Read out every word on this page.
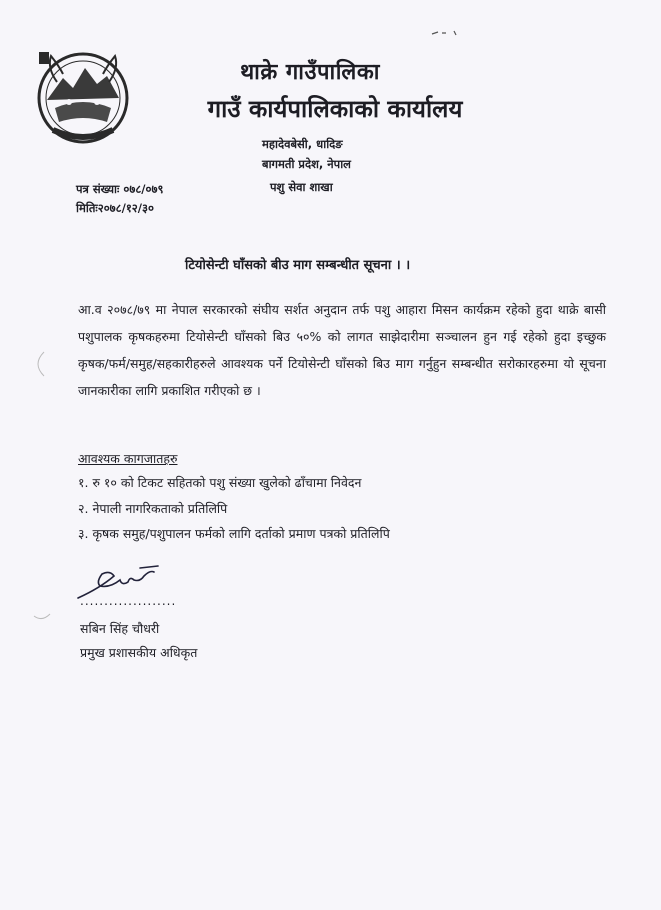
थाक्रे गाउँपालिका
गाउँ कार्यपालिकाको कार्यालय
महादेवबेसी, धादिङ
बागमती प्रदेश, नेपाल
पशु सेवा शाखा
पत्र संख्याः ०७८/०७९
मितिः२०७८/१२/३०
टियोसेन्टी घाँसको बीउ माग सम्बन्धीत सूचना । ।
आ.व २०७८/७९ मा नेपाल सरकारको संघीय सर्शत अनुदान तर्फ पशु आहारा मिसन कार्यक्रम रहेको हुदा थाक्रे बासी पशुपालक कृषकहरुमा टियोसेन्टी घाँसको बिउ ५०% को लागत साझेदारीमा सञ्चालन हुन गई रहेको हुदा इच्छुक कृषक/फर्म/समुह/सहकारीहरुले आवश्यक पर्ने टियोसेन्टी घाँसको बिउ माग गर्नुहुन सम्बन्धीत सरोकारहरुमा यो सूचना जानकारीका लागि प्रकाशित गरीएको छ ।
आवश्यक कागजातहरु
१. रु १० को टिकट सहितको पशु संख्या खुलेको ढाँचामा निवेदन
२. नेपाली नागरिकताको प्रतिलिपि
३. कृषक समुह/पशुपालन फर्मको लागि दर्ताको प्रमाण पत्रको प्रतिलिपि
....................
सबिन सिंह चौधरी
प्रमुख प्रशासकीय अधिकृत
